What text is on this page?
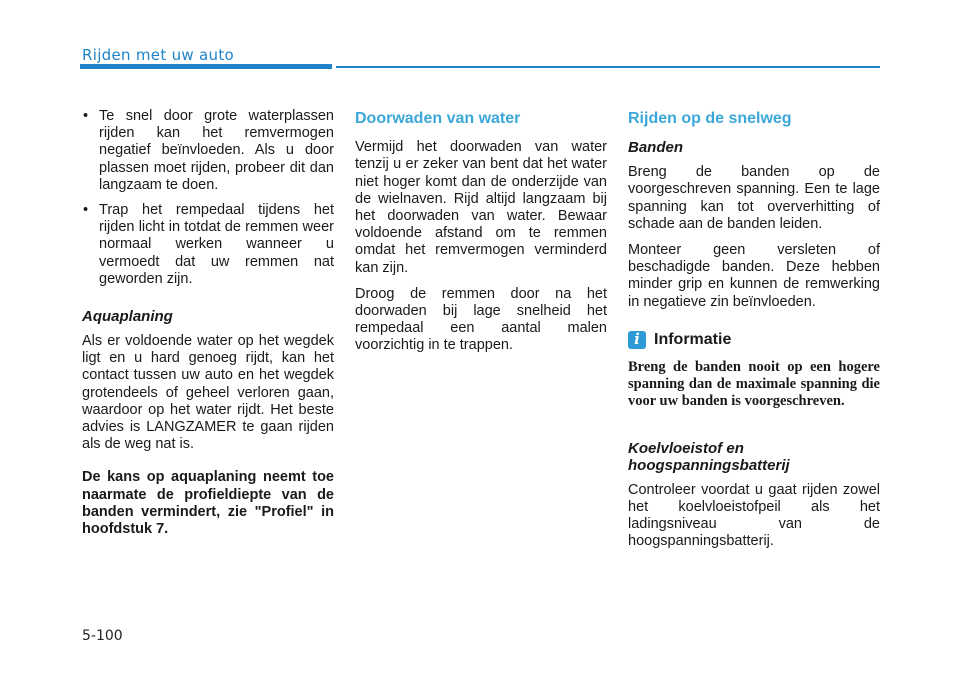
Rijden met uw auto
• Te snel door grote waterplassen rijden kan het remvermogen negatief beïnvloeden. Als u door plassen moet rijden, probeer dit dan langzaam te doen.
• Trap het rempedaal tijdens het rijden licht in totdat de remmen weer normaal werken wanneer u vermoedt dat uw remmen nat geworden zijn.
Aquaplaning

Als er voldoende water op het wegdek ligt en u hard genoeg rijdt, kan het contact tussen uw auto en het wegdek grotendeels of geheel verloren gaan, waardoor op het water rijdt. Het beste advies is LANGZAMER te gaan rijden als de weg nat is.

De kans op aquaplaning neemt toe naarmate de profieldiepte van de banden vermindert, zie "Profiel" in hoofdstuk 7.

Doorwaden van water

Vermijd het doorwaden van water tenzij u er zeker van bent dat het water niet hoger komt dan de onderzijde van de wielnaven. Rijd altijd langzaam bij het doorwaden van water. Bewaar voldoende afstand om te remmen omdat het remvermogen verminderd kan zijn.

Droog de remmen door na het doorwaden bij lage snelheid het rempedaal een aantal malen voorzichtig in te trappen.

Rijden op de snelweg
Banden

Breng de banden op de voorgeschreven spanning. Een te lage spanning kan tot oververhitting of schade aan de banden leiden.

Monteer geen versleten of beschadigde banden. Deze hebben minder grip en kunnen de remwerking in negatieve zin beïnvloeden.

i Informatie

Breng de banden nooit op een hogere spanning dan de maximale spanning die voor uw banden is voorgeschreven.

Koelvloeistof en
hoogspanningsbatterij

Controleer voordat u gaat rijden zowel het koelvloeistofpeil als het ladingsniveau van de hoogspanningsbatterij.

5-100
